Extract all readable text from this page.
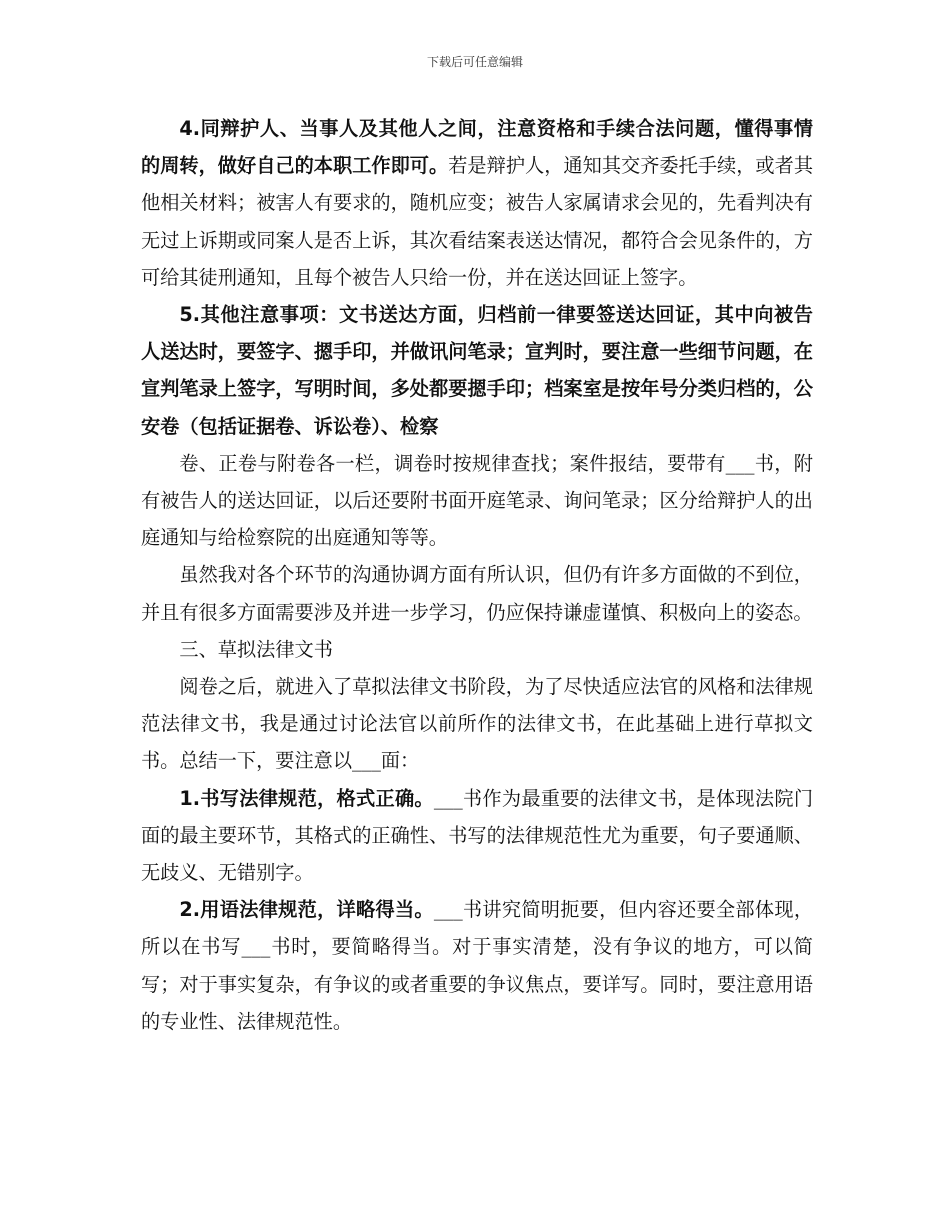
下载后可任意编辑

4.同辩护人、当事人及其他人之间，注意资格和手续合法问题，懂得事情的周转，做好自己的本职工作即可。若是辩护人，通知其交齐委托手续，或者其他相关材料；被害人有要求的，随机应变；被告人家属请求会见的，先看判决有无过上诉期或同案人是否上诉，其次看结案表送达情况，都符合会见条件的，方可给其徒刑通知，且每个被告人只给一份，并在送达回证上签字。

5.其他注意事项：文书送达方面，归档前一律要签送达回证，其中向被告人送达时，要签字、摁手印，并做讯问笔录；宣判时，要注意一些细节问题，在宣判笔录上签字，写明时间，多处都要摁手印；档案室是按年号分类归档的，公安卷（包括证据卷、诉讼卷）、检察

卷、正卷与附卷各一栏，调卷时按规律查找；案件报结，要带有___书，附有被告人的送达回证，以后还要附书面开庭笔录、询问笔录；区分给辩护人的出庭通知与给检察院的出庭通知等等。

虽然我对各个环节的沟通协调方面有所认识，但仍有许多方面做的不到位，并且有很多方面需要涉及并进一步学习，仍应保持谦虚谨慎、积极向上的姿态。

三、草拟法律文书

阅卷之后，就进入了草拟法律文书阶段，为了尽快适应法官的风格和法律规范法律文书，我是通过讨论法官以前所作的法律文书，在此基础上进行草拟文书。总结一下，要注意以___面：

1.书写法律规范，格式正确。___书作为最重要的法律文书，是体现法院门面的最主要环节，其格式的正确性、书写的法律规范性尤为重要，句子要通顺、无歧义、无错别字。

2.用语法律规范，详略得当。___书讲究简明扼要，但内容还要全部体现，所以在书写___书时，要简略得当。对于事实清楚，没有争议的地方，可以简写；对于事实复杂，有争议的或者重要的争议焦点，要详写。同时，要注意用语的专业性、法律规范性。
